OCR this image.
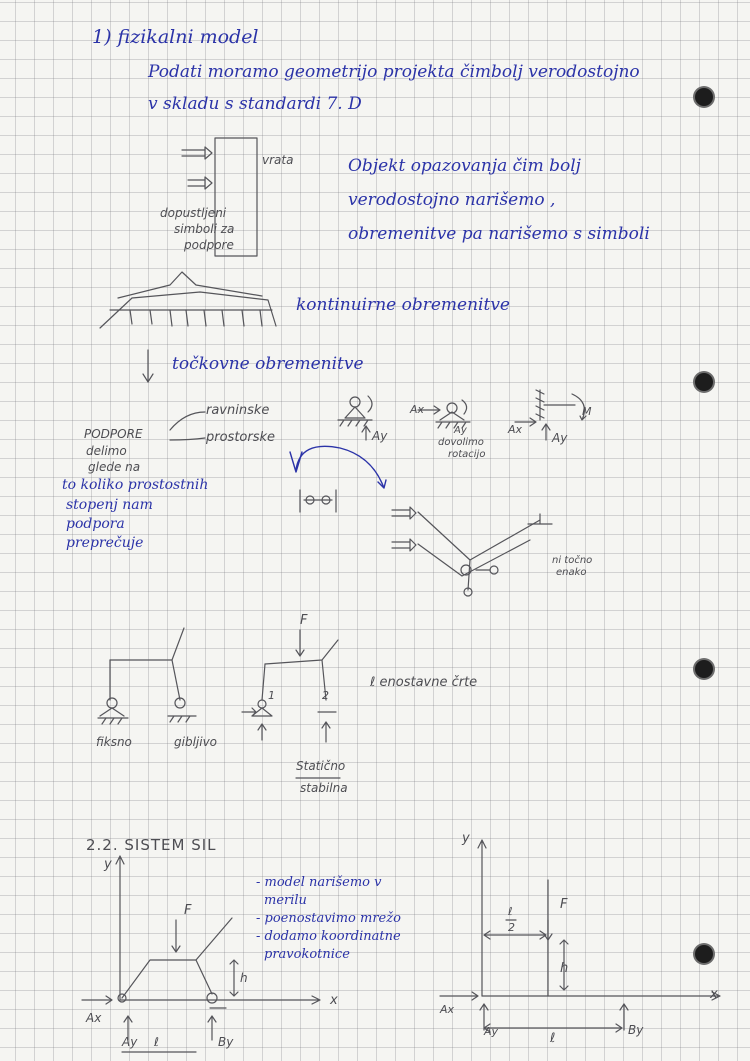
1) fizikalni model
Podati moramo geometrijo projekta čimbolj verodostojno
v skladu s standardi 7. D
vrata
dopustljeni
simboli za
podpore
Objekt opazovanja čim bolj
verodostojno narišemo ,
obremenitve pa narišemo s simboli
kontinuirne obremenitve
točkovne obremenitve
ravninske
prostorske
PODPORE
delimo
glede na
to koliko prostostnih
stopenj nam
podpora
preprečuje
Ay
Ax
Ax
Ay
M
Ay
dovolimo
rotacijo
ni točno
enako
fiksno	gibljivo
F
1	2
ℓ enostavne črte
Statično
stabilna
2.2. SISTEM SIL
y
x
F
h
Ax
Ay	By
ℓ
- model narišemo v
merilu
- poenostavimo mrežo
- dodamo koordinatne
pravokotnice
y
x
F
h
ℓ
2
Ax
Ay	By
ℓ
